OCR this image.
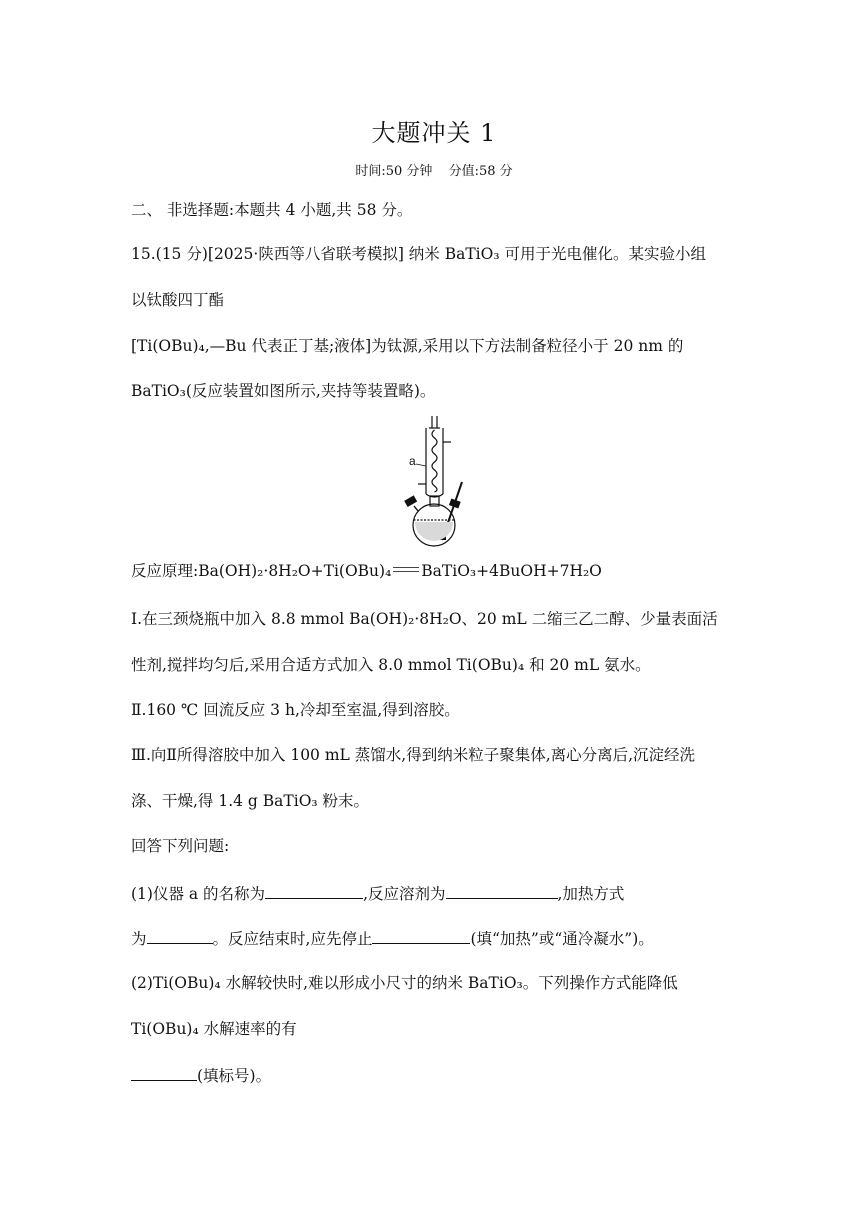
大题冲关 1
时间:50 分钟 分值:58 分
二、 非选择题:本题共 4 小题,共 58 分。
15.(15 分)[2025·陕西等八省联考模拟] 纳米 BaTiO₃ 可用于光电催化。某实验小组
以钛酸四丁酯
[Ti(OBu)₄,—Bu 代表正丁基;液体]为钛源,采用以下方法制备粒径小于 20 nm 的
BaTiO₃(反应装置如图所示,夹持等装置略)。
a
反应原理:Ba(OH)₂·8H₂O+Ti(OBu)₄ BaTiO₃+4BuOH+7H₂O
Ⅰ.在三颈烧瓶中加入 8.8 mmol Ba(OH)₂·8H₂O、20 mL 二缩三乙二醇、少量表面活
性剂,搅拌均匀后,采用合适方式加入 8.0 mmol Ti(OBu)₄ 和 20 mL 氨水。
Ⅱ.160 ℃ 回流反应 3 h,冷却至室温,得到溶胶。
Ⅲ.向Ⅱ所得溶胶中加入 100 mL 蒸馏水,得到纳米粒子聚集体,离心分离后,沉淀经洗
涤、干燥,得 1.4 g BaTiO₃ 粉末。
回答下列问题:
(1)仪器 a 的名称为	,反应溶剂为	,加热方式
为	。反应结束时,应先停止	(填“加热”或“通冷凝水”)。
(2)Ti(OBu)₄ 水解较快时,难以形成小尺寸的纳米 BaTiO₃。下列操作方式能降低
Ti(OBu)₄ 水解速率的有
(填标号)。
